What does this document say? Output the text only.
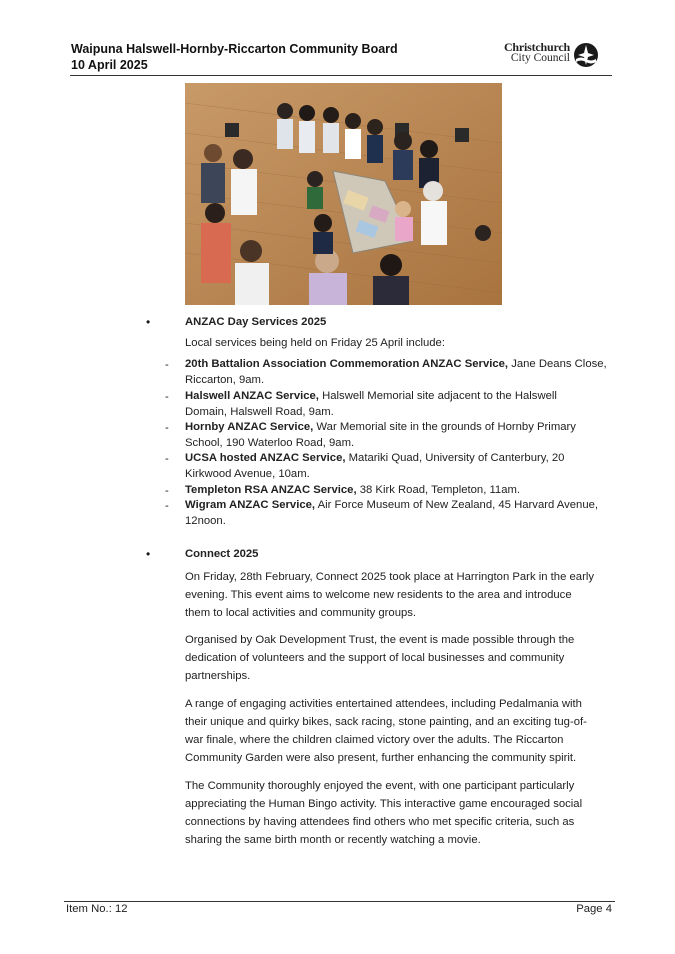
Waipuna Halswell-Hornby-Riccarton Community Board
10 April 2025
Christchurch
City Council
•	ANZAC Day Services 2025
Local services being held on Friday 25 April include:
- 20th Battalion Association Commemoration ANZAC Service, Jane Deans Close,
Riccarton, 9am.
- Halswell ANZAC Service, Halswell Memorial site adjacent to the Halswell
Domain, Halswell Road, 9am.
- Hornby ANZAC Service, War Memorial site in the grounds of Hornby Primary
School, 190 Waterloo Road, 9am.
- UCSA hosted ANZAC Service, Matariki Quad, University of Canterbury, 20
Kirkwood Avenue, 10am.
- Templeton RSA ANZAC Service, 38 Kirk Road, Templeton, 11am.
- Wigram ANZAC Service, Air Force Museum of New Zealand, 45 Harvard Avenue,
12noon.
•	Connect 2025
On Friday, 28th February, Connect 2025 took place at Harrington Park in the early
evening. This event aims to welcome new residents to the area and introduce
them to local activities and community groups.
Organised by Oak Development Trust, the event is made possible through the
dedication of volunteers and the support of local businesses and community
partnerships.
A range of engaging activities entertained attendees, including Pedalmania with
their unique and quirky bikes, sack racing, stone painting, and an exciting tug-of-
war finale, where the children claimed victory over the adults. The Riccarton
Community Garden were also present, further enhancing the community spirit.
The Community thoroughly enjoyed the event, with one participant particularly
appreciating the Human Bingo activity. This interactive game encouraged social
connections by having attendees find others who met specific criteria, such as
sharing the same birth month or recently watching a movie.
Item No.: 12	Page 4
